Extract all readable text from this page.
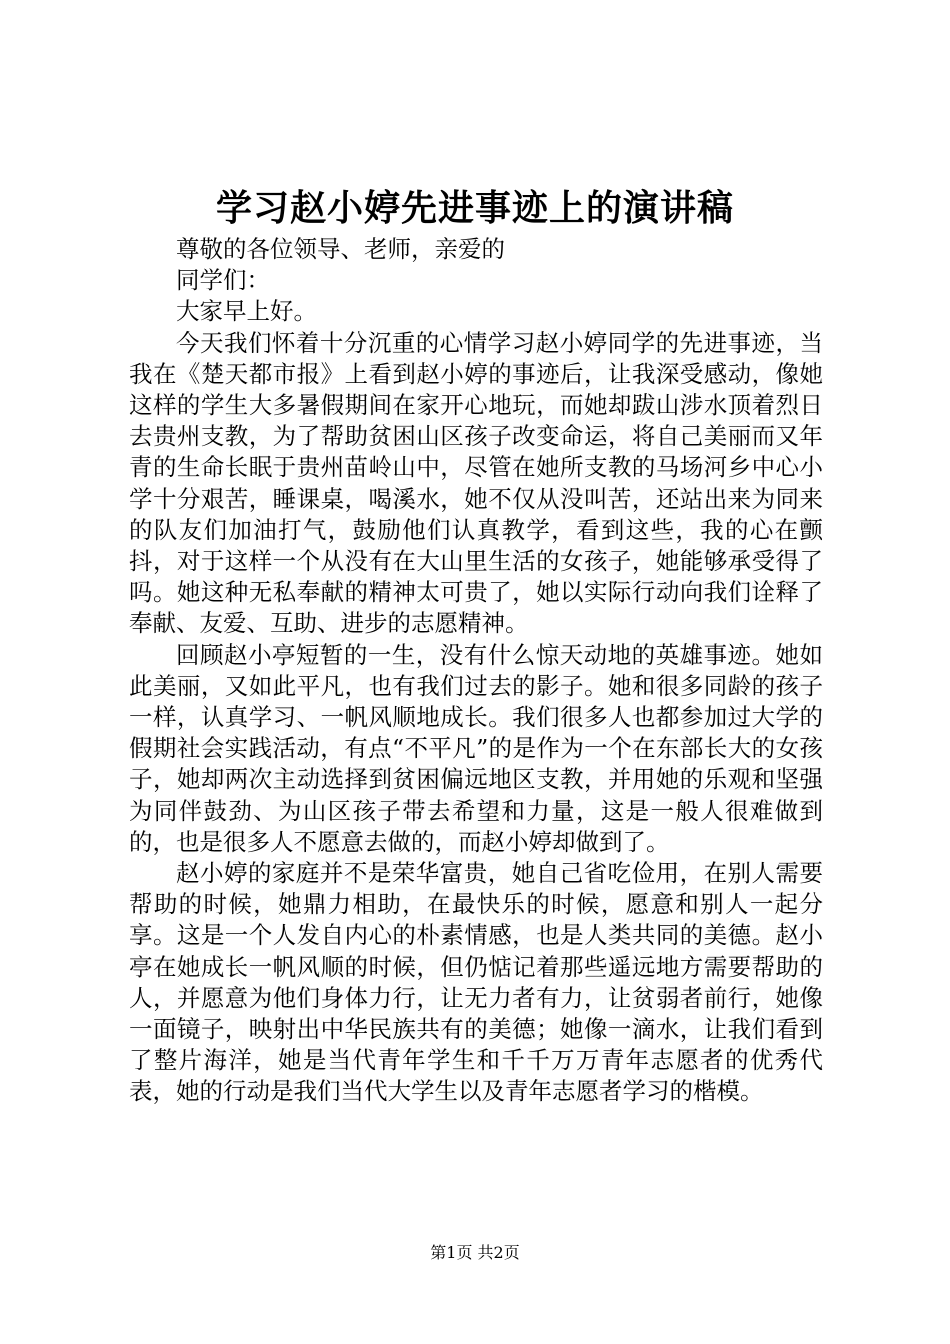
学习赵小婷先进事迹上的演讲稿

尊敬的各位领导、老师，亲爱的

同学们：

大家早上好。

今天我们怀着十分沉重的心情学习赵小婷同学的先进事迹，当我在《楚天都市报》上看到赵小婷的事迹后，让我深受感动，像她这样的学生大多暑假期间在家开心地玩，而她却跋山涉水顶着烈日去贵州支教，为了帮助贫困山区孩子改变命运，将自己美丽而又年青的生命长眠于贵州苗岭山中，尽管在她所支教的马场河乡中心小学十分艰苦，睡课桌，喝溪水，她不仅从没叫苦，还站出来为同来的队友们加油打气，鼓励他们认真教学，看到这些，我的心在颤抖，对于这样一个从没有在大山里生活的女孩子，她能够承受得了吗。她这种无私奉献的精神太可贵了，她以实际行动向我们诠释了奉献、友爱、互助、进步的志愿精神。

回顾赵小亭短暂的一生，没有什么惊天动地的英雄事迹。她如此美丽，又如此平凡，也有我们过去的影子。她和很多同龄的孩子一样，认真学习、一帆风顺地成长。我们很多人也都参加过大学的假期社会实践活动，有点“不平凡”的是作为一个在东部长大的女孩子，她却两次主动选择到贫困偏远地区支教，并用她的乐观和坚强为同伴鼓劲、为山区孩子带去希望和力量，这是一般人很难做到的，也是很多人不愿意去做的，而赵小婷却做到了。

赵小婷的家庭并不是荣华富贵，她自己省吃俭用，在别人需要帮助的时候，她鼎力相助，在最快乐的时候，愿意和别人一起分享。这是一个人发自内心的朴素情感，也是人类共同的美德。赵小亭在她成长一帆风顺的时候，但仍惦记着那些遥远地方需要帮助的人，并愿意为他们身体力行，让无力者有力，让贫弱者前行，她像一面镜子，映射出中华民族共有的美德；她像一滴水，让我们看到了整片海洋，她是当代青年学生和千千万万青年志愿者的优秀代表，她的行动是我们当代大学生以及青年志愿者学习的楷模。

第1页 共2页
